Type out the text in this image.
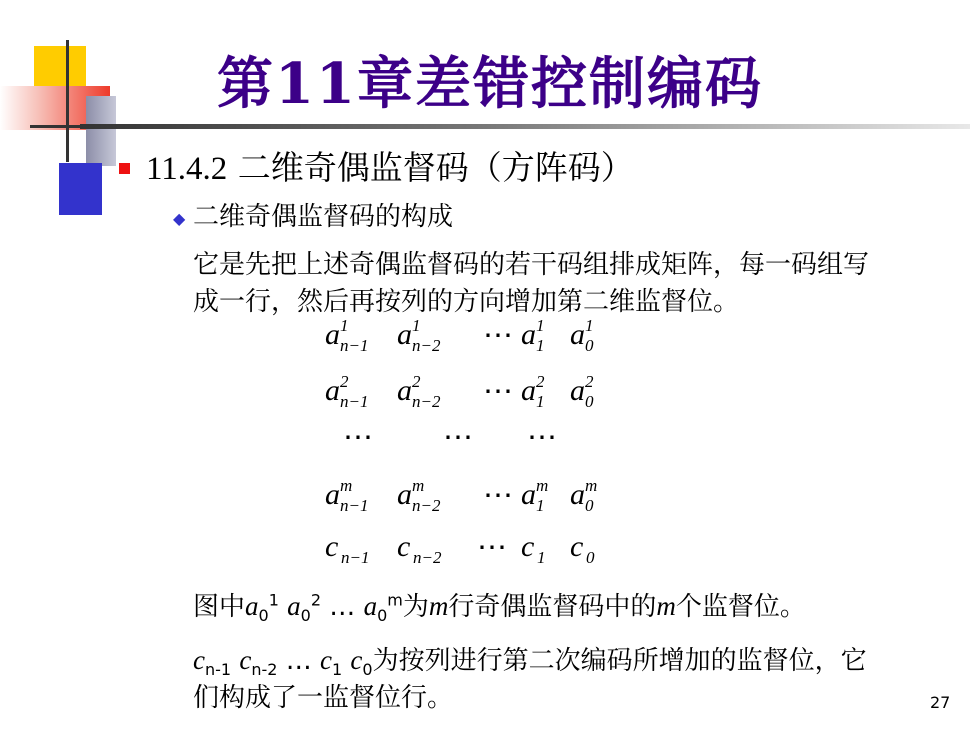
第11章差错控制编码
11.4.2 二维奇偶监督码（方阵码）
◆ 二维奇偶监督码的构成
它是先把上述奇偶监督码的若干码组排成矩阵，每一码组写
成一行，然后再按列的方向增加第二维监督位。
a 1
n−1 a 1
n−2 ⋯ a 1
1 a 1
0
a 2
n−1 a 2
n−2 ⋯ a 2
1 a 2
0
⋯ ⋯ ⋯
a m
n−1 a m
n−2 ⋯ a m
1 a m
0
c n−1 c n−2 ⋯ c 1 c 0
图中$a_0^1$ $a_0^2$ … $a_0^m$为m行奇偶监督码中的m个监督位。
$c_{n-1}$ $c_{n-2}$ … $c_1$ $c_0$为按列进行第二次编码所增加的监督位，它
们构成了一监督位行。	27
